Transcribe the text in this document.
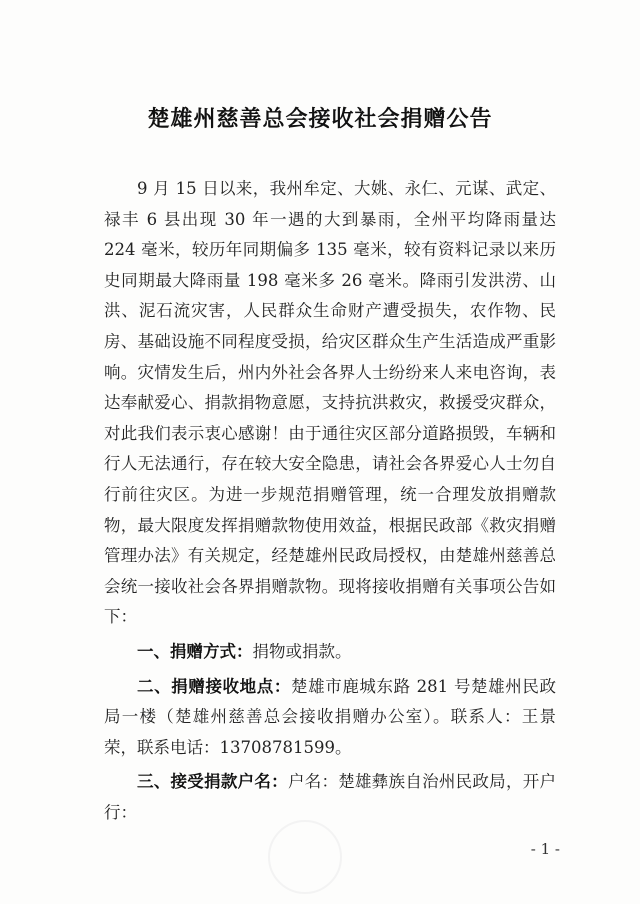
楚雄州慈善总会接收社会捐赠公告

9 月 15 日以来，我州牟定、大姚、永仁、元谋、武定、禄丰 6 县出现 30 年一遇的大到暴雨，全州平均降雨量达 224 毫米，较历年同期偏多 135 毫米，较有资料记录以来历史同期最大降雨量 198 毫米多 26 毫米。降雨引发洪涝、山洪、泥石流灾害，人民群众生命财产遭受损失，农作物、民房、基础设施不同程度受损，给灾区群众生产生活造成严重影响。灾情发生后，州内外社会各界人士纷纷来人来电咨询，表达奉献爱心、捐款捐物意愿，支持抗洪救灾，救援受灾群众，对此我们表示衷心感谢！由于通往灾区部分道路损毁，车辆和行人无法通行，存在较大安全隐患，请社会各界爱心人士勿自行前往灾区。为进一步规范捐赠管理，统一合理发放捐赠款物，最大限度发挥捐赠款物使用效益，根据民政部《救灾捐赠管理办法》有关规定，经楚雄州民政局授权，由楚雄州慈善总会统一接收社会各界捐赠款物。现将接收捐赠有关事项公告如下：

一、捐赠方式：捐物或捐款。

二、捐赠接收地点：楚雄市鹿城东路 281 号楚雄州民政局一楼（楚雄州慈善总会接收捐赠办公室）。联系人：王景荣，联系电话：13708781599。

三、接受捐款户名：户名：楚雄彝族自治州民政局，开户行：

- 1 -
